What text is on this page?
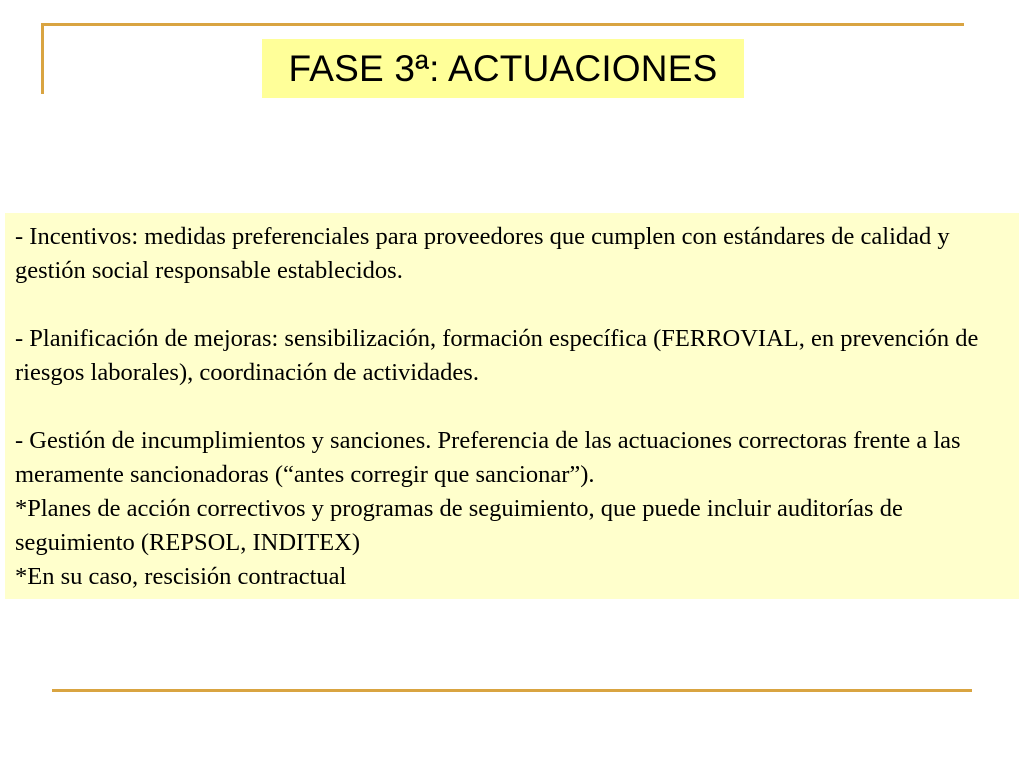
FASE 3ª: ACTUACIONES

- Incentivos: medidas preferenciales para proveedores que cumplen con estándares de calidad y gestión social responsable establecidos.

- Planificación de mejoras: sensibilización, formación específica (FERROVIAL, en prevención de riesgos laborales), coordinación de actividades.

- Gestión de incumplimientos y sanciones. Preferencia de las actuaciones correctoras frente a las meramente sancionadoras (“antes corregir que sancionar”).

*Planes de acción correctivos y programas de seguimiento, que puede incluir auditorías de seguimiento (REPSOL, INDITEX)

*En su caso, rescisión contractual
